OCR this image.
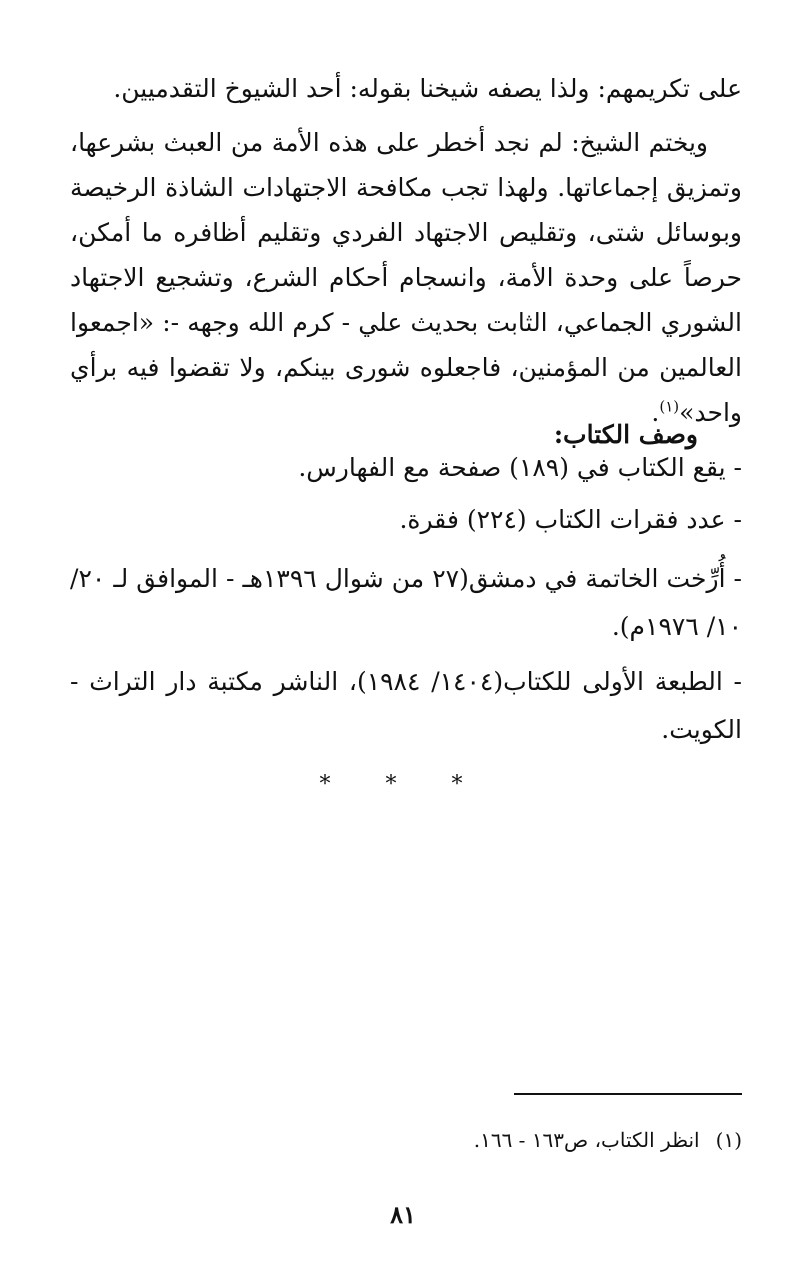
على تكريمهم: ولذا يصفه شيخنا بقوله: أحد الشيوخ التقدميين.

ويختم الشيخ: لم نجد أخطر على هذه الأمة من العبث بشرعها، وتمزيق إجماعاتها. ولهذا تجب مكافحة الاجتهادات الشاذة الرخيصة وبوسائل شتى، وتقليص الاجتهاد الفردي وتقليم أظافره ما أمكن، حرصاً على وحدة الأمة، وانسجام أحكام الشرع، وتشجيع الاجتهاد الشوري الجماعي، الثابت بحديث علي - كرم الله وجهه -: «اجمعوا العالمين من المؤمنين، فاجعلوه شورى بينكم، ولا تقضوا فيه برأي واحد»$^{(١)}$.

وصف الكتاب:
- يقع الكتاب في (١٨٩) صفحة مع الفهارس.
- عدد فقرات الكتاب (٢٢٤) فقرة.
- أُرِّخت الخاتمة في دمشق(٢٧ من شوال ١٣٩٦هـ - الموافق لـ ٢٠/ ١٠/ ١٩٧٦م).
- الطبعة الأولى للكتاب(١٤٠٤/ ١٩٨٤)، الناشر مكتبة دار التراث - الكويت.
* * *
(١)انظر الكتاب، ص١٦٣ - ١٦٦.
٨١
